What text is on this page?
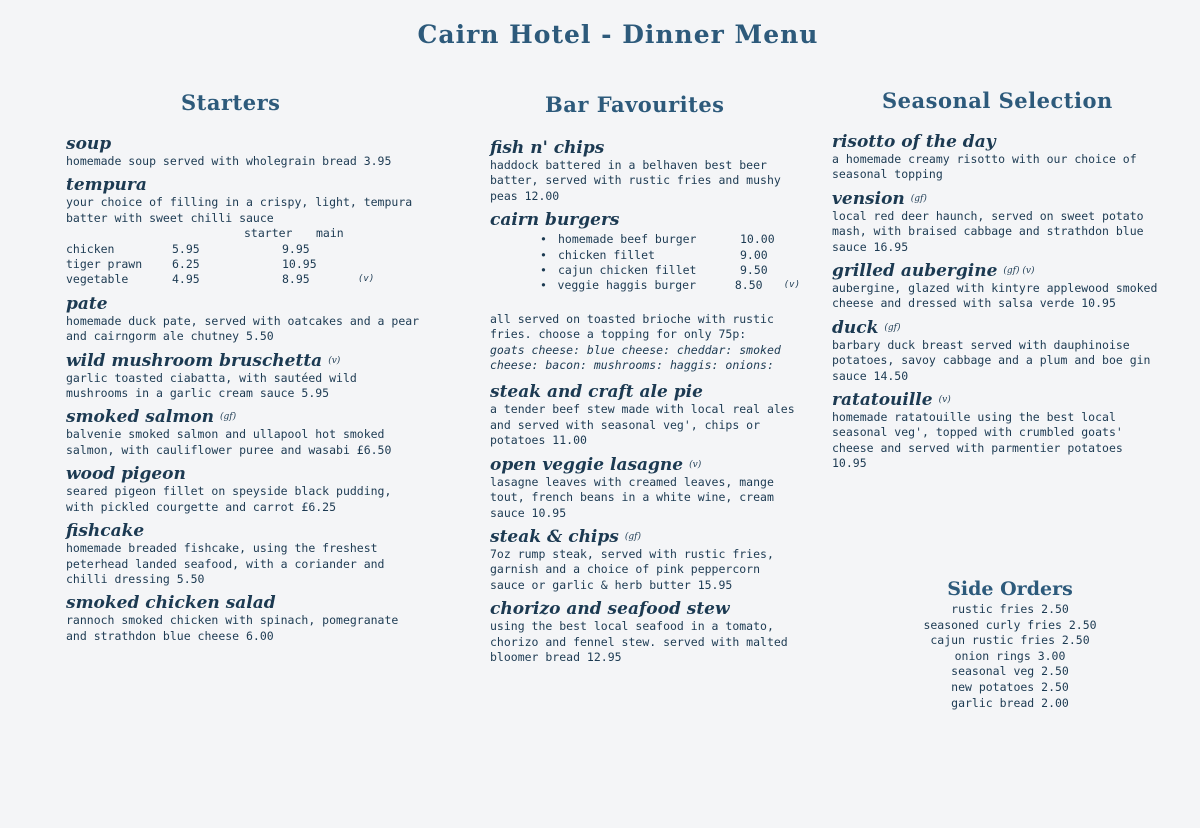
Cairn Hotel - Dinner Menu
Starters
soup
homemade soup served with wholegrain bread 3.95
tempura
your choice of filling in a crispy, light, tempura batter with sweet chilli sauce
starter	main
chicken	5.95	9.95
tiger prawn	6.25	10.95
vegetable	4.95	8.95	(v)
pate
homemade duck pate, served with oatcakes and a pear and cairngorm ale chutney 5.50
wild mushroom bruschetta (v)
garlic toasted ciabatta, with sautéed wild mushrooms in a garlic cream sauce 5.95
smoked salmon (gf)
balvenie smoked salmon and ullapool hot smoked salmon, with cauliflower puree and wasabi £6.50
wood pigeon
seared pigeon fillet on speyside black pudding, with pickled courgette and carrot £6.25
fishcake
homemade breaded fishcake, using the freshest peterhead landed seafood, with a coriander and chilli dressing 5.50
smoked chicken salad
rannoch smoked chicken with spinach, pomegranate and strathdon blue cheese 6.00
Bar Favourites
fish n' chips
haddock battered in a belhaven best beer batter, served with rustic fries and mushy peas 12.00
cairn burgers
• homemade beef burger	10.00
• chicken fillet	9.00
• cajun chicken fillet	9.50
• veggie haggis burger	8.50	(v)
all served on toasted brioche with rustic fries. choose a topping for only 75p:
goats cheese: blue cheese: cheddar: smoked cheese: bacon: mushrooms: haggis: onions:
steak and craft ale pie
a tender beef stew made with local real ales and served with seasonal veg', chips or potatoes 11.00
open veggie lasagne (v)
lasagne leaves with creamed leaves, mange tout, french beans in a white wine, cream sauce 10.95
steak & chips (gf)
7oz rump steak, served with rustic fries, garnish and a choice of pink peppercorn sauce or garlic & herb butter 15.95
chorizo and seafood stew
using the best local seafood in a tomato, chorizo and fennel stew. served with malted bloomer bread 12.95
Seasonal Selection
risotto of the day
a homemade creamy risotto with our choice of seasonal topping
vension (gf)
local red deer haunch, served on sweet potato mash, with braised cabbage and strathdon blue sauce 16.95
grilled aubergine (gf) (v)
aubergine, glazed with kintyre applewood smoked cheese and dressed with salsa verde 10.95
duck (gf)
barbary duck breast served with dauphinoise potatoes, savoy cabbage and a plum and boe gin sauce 14.50
ratatouille (v)
homemade ratatouille using the best local seasonal veg', topped with crumbled goats' cheese and served with parmentier potatoes 10.95
Side Orders
rustic fries 2.50
seasoned curly fries 2.50
cajun rustic fries 2.50
onion rings 3.00
seasonal veg 2.50
new potatoes 2.50
garlic bread 2.00
